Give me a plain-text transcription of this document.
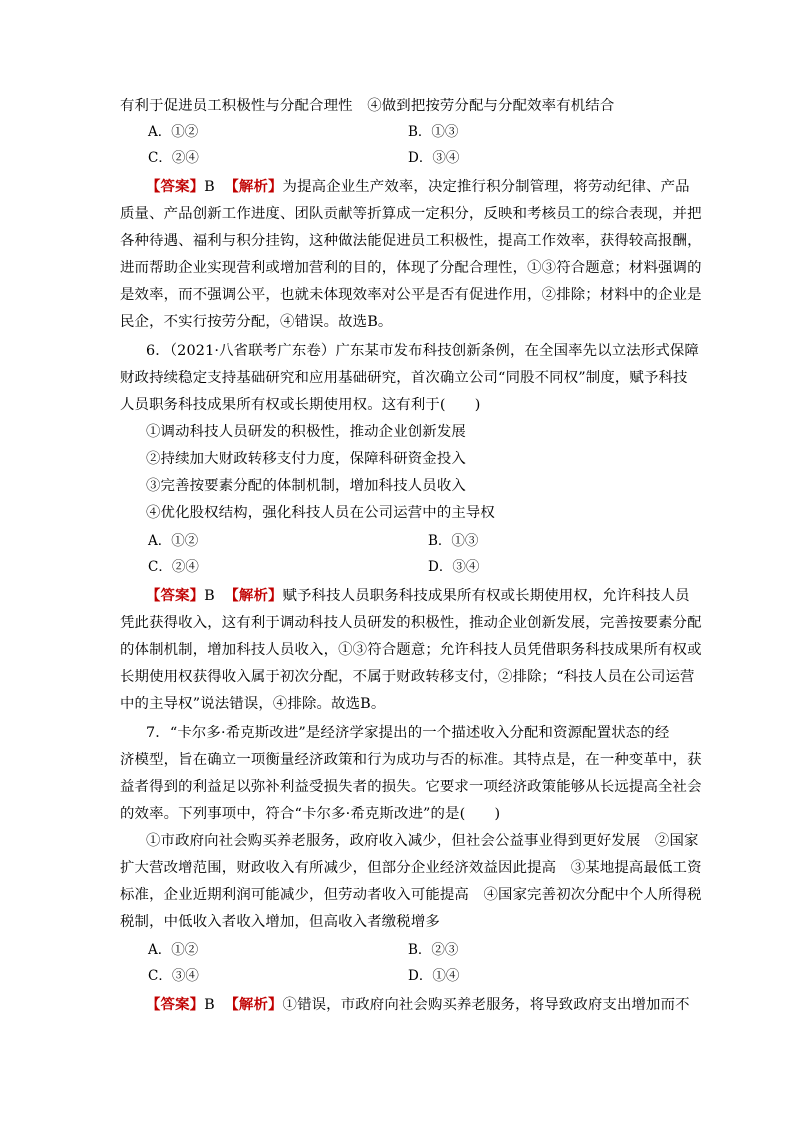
有利于促进员工积极性与分配合理性　④做到把按劳分配与分配效率有机结合
A．①②	B．①③
C．②④	D．③④
【答案】B 【解析】为提高企业生产效率，决定推行积分制管理，将劳动纪律、产品
质量、产品创新工作进度、团队贡献等折算成一定积分，反映和考核员工的综合表现，并把
各种待遇、福利与积分挂钩，这种做法能促进员工积极性，提高工作效率，获得较高报酬，
进而帮助企业实现营利或增加营利的目的，体现了分配合理性，①③符合题意；材料强调的
是效率，而不强调公平，也就未体现效率对公平是否有促进作用，②排除；材料中的企业是
民企，不实行按劳分配，④错误。故选B。
6．（2021·八省联考广东卷）广东某市发布科技创新条例，在全国率先以立法形式保障
财政持续稳定支持基础研究和应用基础研究，首次确立公司“同股不同权”制度，赋予科技
人员职务科技成果所有权或长期使用权。这有利于(　　)
①调动科技人员研发的积极性，推动企业创新发展
②持续加大财政转移支付力度，保障科研资金投入
③完善按要素分配的体制机制，增加科技人员收入
④优化股权结构，强化科技人员在公司运营中的主导权
A．①②	B．①③
C．②④	D．③④
【答案】B 【解析】赋予科技人员职务科技成果所有权或长期使用权，允许科技人员
凭此获得收入，这有利于调动科技人员研发的积极性，推动企业创新发展，完善按要素分配
的体制机制，增加科技人员收入，①③符合题意；允许科技人员凭借职务科技成果所有权或
长期使用权获得收入属于初次分配，不属于财政转移支付，②排除；“科技人员在公司运营
中的主导权”说法错误，④排除。故选B。
7．“卡尔多·希克斯改进”是经济学家提出的一个描述收入分配和资源配置状态的经
济模型，旨在确立一项衡量经济政策和行为成功与否的标准。其特点是，在一种变革中，获
益者得到的利益足以弥补利益受损失者的损失。它要求一项经济政策能够从长远提高全社会
的效率。下列事项中，符合“卡尔多·希克斯改进”的是(　　)
①市政府向社会购买养老服务，政府收入减少，但社会公益事业得到更好发展　②国家
扩大营改增范围，财政收入有所减少，但部分企业经济效益因此提高　③某地提高最低工资
标准，企业近期利润可能减少，但劳动者收入可能提高　④国家完善初次分配中个人所得税
税制，中低收入者收入增加，但高收入者缴税增多
A．①②	B．②③
C．③④	D．①④
【答案】B 【解析】①错误，市政府向社会购买养老服务，将导致政府支出增加而不
